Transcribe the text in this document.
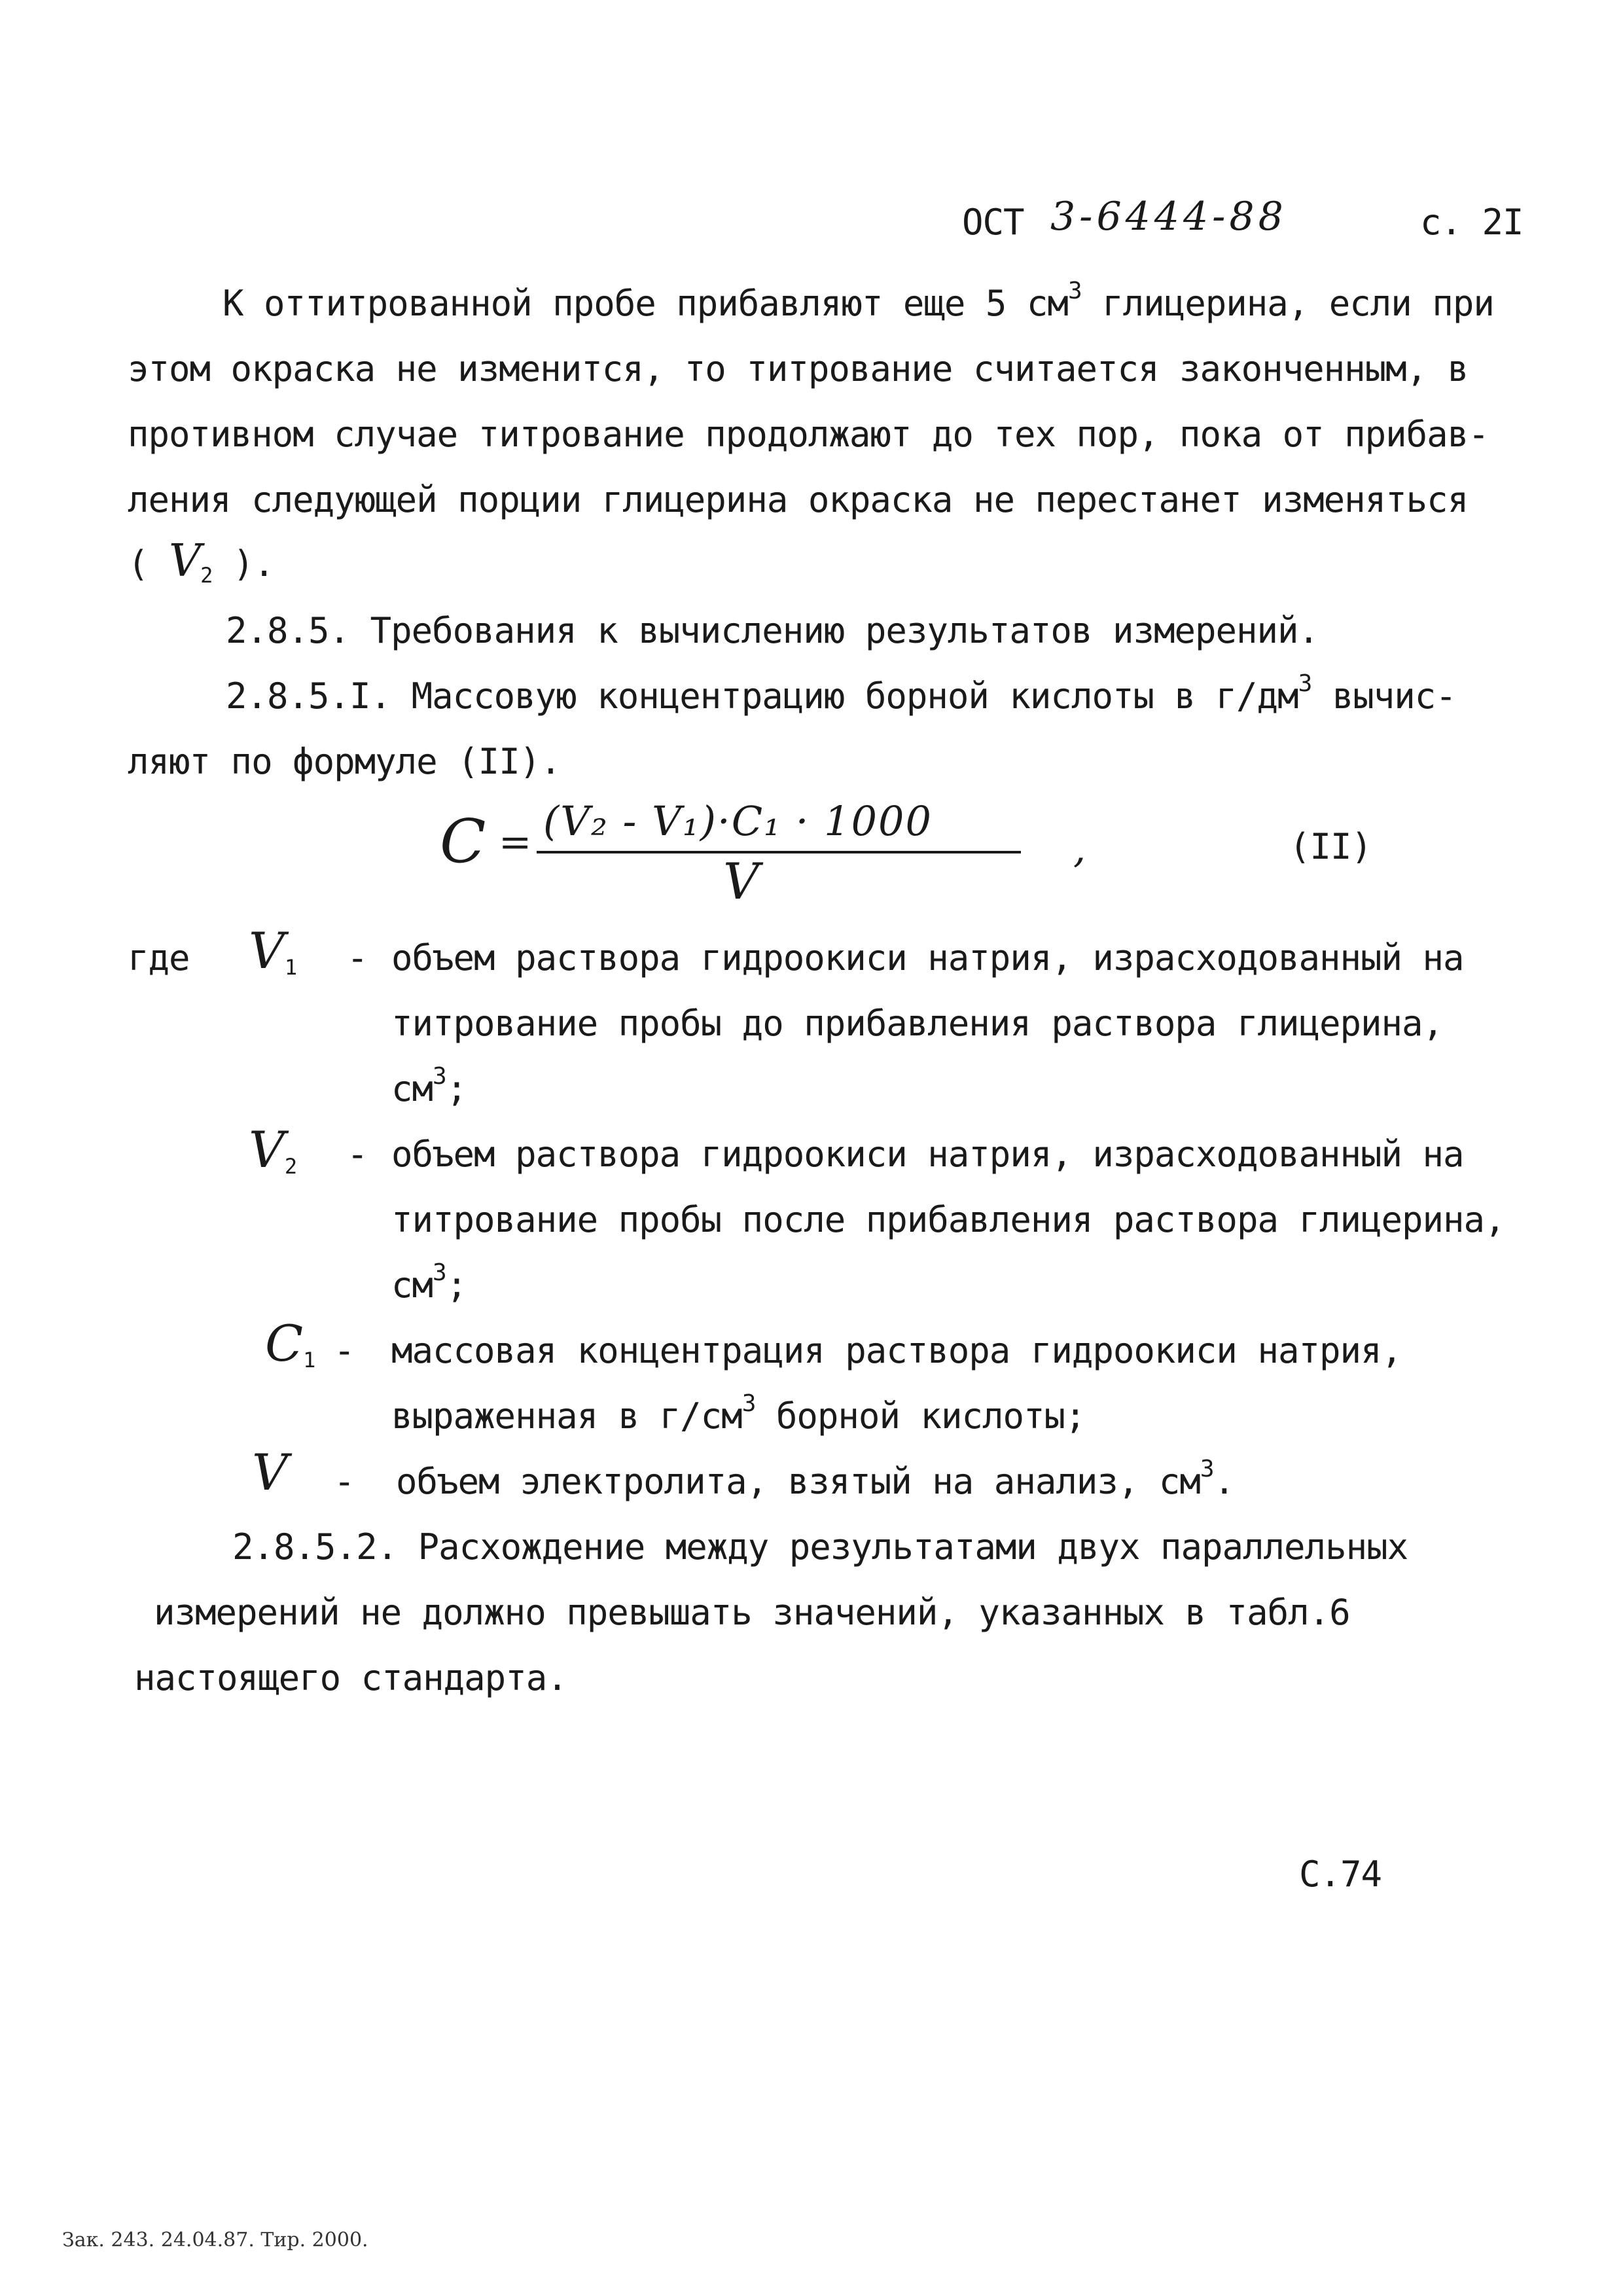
ОСТ 3-6444-88	с. 2I
К оттитрованной пробе прибавляют еще 5 $см^3$ глицерина, если при
этом окраска не изменится, то титрование считается законченным, в
противном случае титрование продолжают до тех пор, пока от прибав-
ления следующей порции глицерина окраска не перестанет изменяться
( $V_2$ ).
2.8.5. Требования к вычислению результатов измерений.
2.8.5.I. Массовую концентрацию борной кислоты в $г/дм^3$ вычис-
ляют по формуле (II).
C = (V₂ - V₁)·C₁ · 1000
V
,	(II)
где $V_1$ - объем раствора гидроокиси натрия, израсходованный на
титрование пробы до прибавления раствора глицерина,
$см^3$;
$V_2$ - объем раствора гидроокиси натрия, израсходованный на
титрование пробы после прибавления раствора глицерина,
$см^3$;
$C_1$ - массовая концентрация раствора гидроокиси натрия,
выраженная в $г/см^3$ борной кислоты;
V - объем электролита, взятый на анализ, $см^3$.
2.8.5.2. Расхождение между результатами двух параллельных
измерений не должно превышать значений, указанных в табл.6
настоящего стандарта.
С.74
Зак. 243. 24.04.87. Тир. 2000.
